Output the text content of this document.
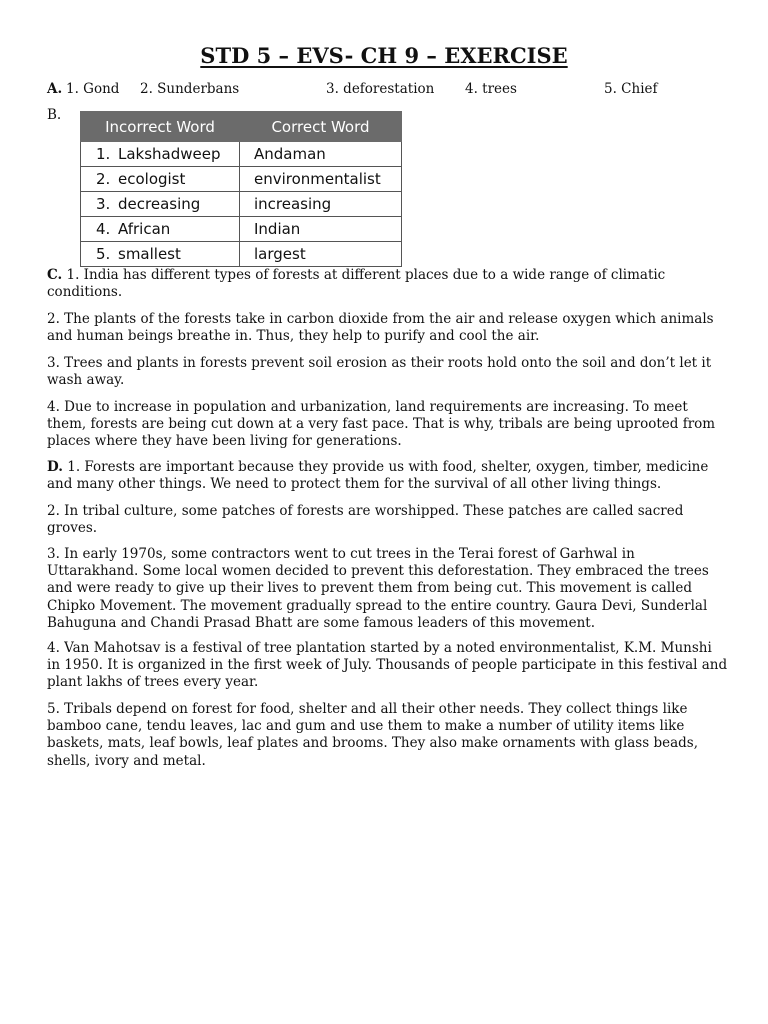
STD 5 – EVS- CH 9 – EXERCISE
A. 1. Gond 2. Sunderbans	3. deforestation 4. trees	5. Chief
B.
Incorrect Word	Correct Word
1. Lakshadweep	Andaman
2. ecologist	environmentalist
3. decreasing	increasing
4. African	Indian
5. smallest	largest

C. 1. India has different types of forests at different places due to a wide range of climatic conditions.

2. The plants of the forests take in carbon dioxide from the air and release oxygen which animals and human beings breathe in. Thus, they help to purify and cool the air.

3. Trees and plants in forests prevent soil erosion as their roots hold onto the soil and don’t let it wash away.

4. Due to increase in population and urbanization, land requirements are increasing. To meet them, forests are being cut down at a very fast pace. That is why, tribals are being uprooted from places where they have been living for generations.

D. 1. Forests are important because they provide us with food, shelter, oxygen, timber, medicine and many other things. We need to protect them for the survival of all other living things.

2. In tribal culture, some patches of forests are worshipped. These patches are called sacred groves.

3. In early 1970s, some contractors went to cut trees in the Terai forest of Garhwal in Uttarakhand. Some local women decided to prevent this deforestation. They embraced the trees and were ready to give up their lives to prevent them from being cut. This movement is called Chipko Movement. The movement gradually spread to the entire country. Gaura Devi, Sunderlal Bahuguna and Chandi Prasad Bhatt are some famous leaders of this movement.

4. Van Mahotsav is a festival of tree plantation started by a noted environmentalist, K.M. Munshi in 1950. It is organized in the first week of July. Thousands of people participate in this festival and plant lakhs of trees every year.

5. Tribals depend on forest for food, shelter and all their other needs. They collect things like bamboo cane, tendu leaves, lac and gum and use them to make a number of utility items like baskets, mats, leaf bowls, leaf plates and brooms. They also make ornaments with glass beads, shells, ivory and metal.
